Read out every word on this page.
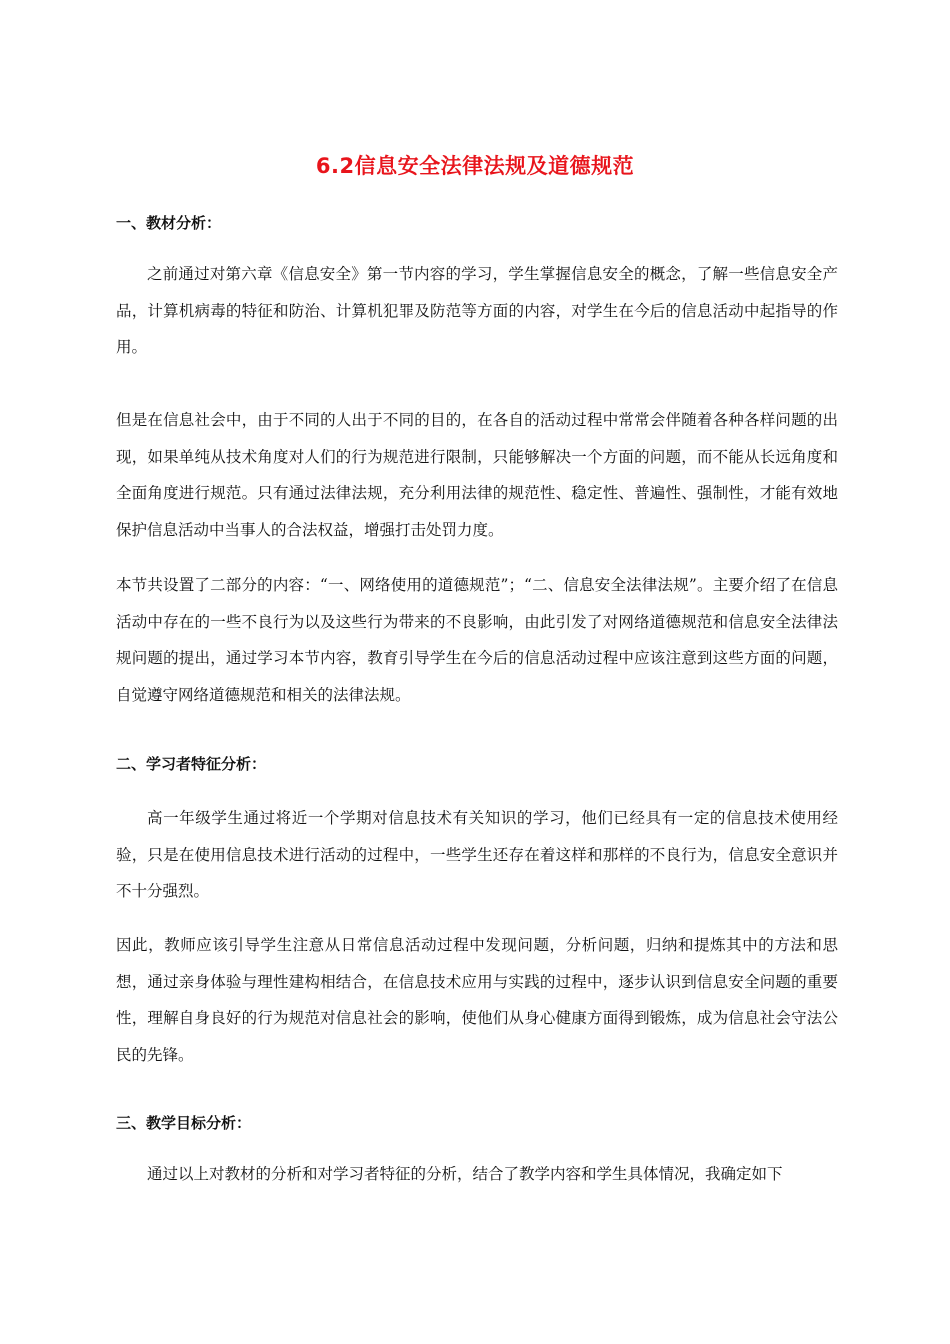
6.2信息安全法律法规及道德规范
一、教材分析：

之前通过对第六章《信息安全》第一节内容的学习，学生掌握信息安全的概念，了解一些信息安全产品，计算机病毒的特征和防治、计算机犯罪及防范等方面的内容，对学生在今后的信息活动中起指导的作用。

但是在信息社会中，由于不同的人出于不同的目的，在各自的活动过程中常常会伴随着各种各样问题的出现，如果单纯从技术角度对人们的行为规范进行限制，只能够解决一个方面的问题，而不能从长远角度和全面角度进行规范。只有通过法律法规，充分利用法律的规范性、稳定性、普遍性、强制性，才能有效地保护信息活动中当事人的合法权益，增强打击处罚力度。

本节共设置了二部分的内容：“一、网络使用的道德规范”；“二、信息安全法律法规”。主要介绍了在信息活动中存在的一些不良行为以及这些行为带来的不良影响，由此引发了对网络道德规范和信息安全法律法规问题的提出，通过学习本节内容，教育引导学生在今后的信息活动过程中应该注意到这些方面的问题，自觉遵守网络道德规范和相关的法律法规。

二、学习者特征分析：

高一年级学生通过将近一个学期对信息技术有关知识的学习，他们已经具有一定的信息技术使用经验，只是在使用信息技术进行活动的过程中，一些学生还存在着这样和那样的不良行为，信息安全意识并不十分强烈。

因此，教师应该引导学生注意从日常信息活动过程中发现问题，分析问题，归纳和提炼其中的方法和思想，通过亲身体验与理性建构相结合，在信息技术应用与实践的过程中，逐步认识到信息安全问题的重要性，理解自身良好的行为规范对信息社会的影响，使他们从身心健康方面得到锻炼，成为信息社会守法公民的先锋。

三、教学目标分析：

通过以上对教材的分析和对学习者特征的分析，结合了教学内容和学生具体情况，我确定如下
